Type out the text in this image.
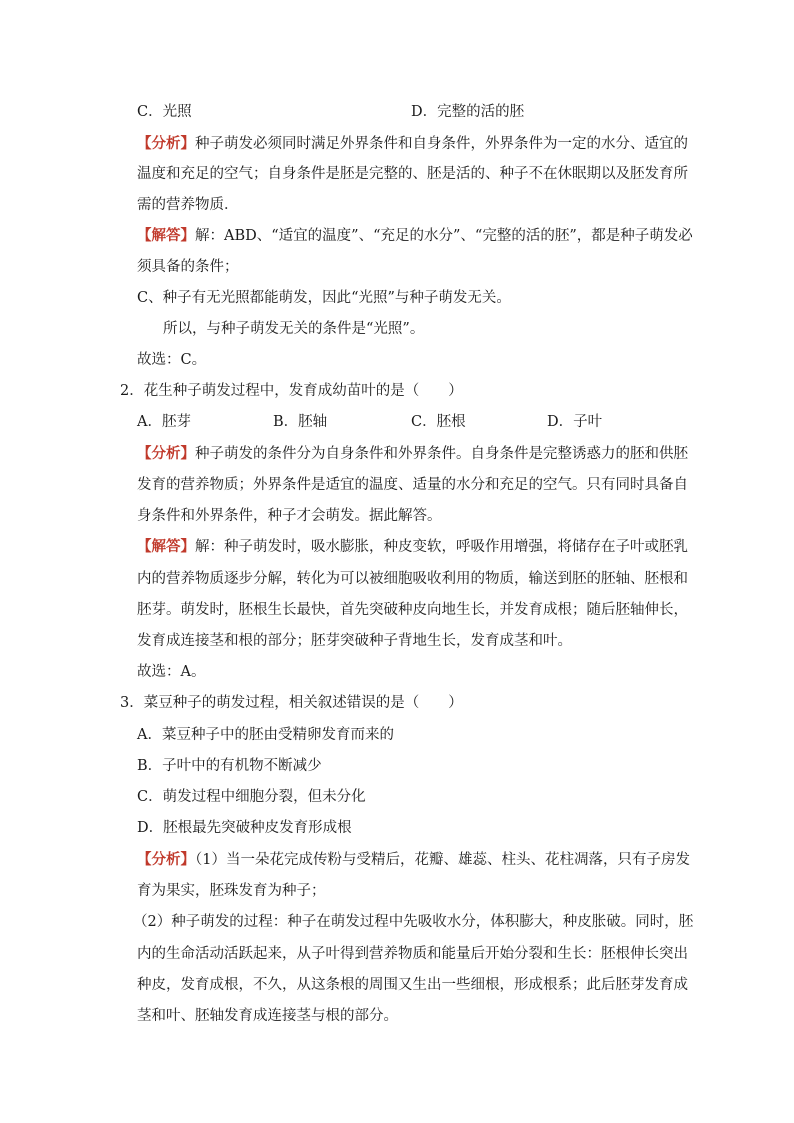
C．光照	D．完整的活的胚
【分析】种子萌发必须同时满足外界条件和自身条件，外界条件为一定的水分、适宜的
温度和充足的空气；自身条件是胚是完整的、胚是活的、种子不在休眠期以及胚发育所
需的营养物质．
【解答】解：ABD、“适宜的温度”、“充足的水分”、“完整的活的胚”，都是种子萌发必
须具备的条件；
C、种子有无光照都能萌发，因此“光照”与种子萌发无关。
所以，与种子萌发无关的条件是“光照”。
故选：C。
2．花生种子萌发过程中，发育成幼苗叶的是（　　）
A．胚芽	B．胚轴	C．胚根	D．子叶
【分析】种子萌发的条件分为自身条件和外界条件。自身条件是完整诱惑力的胚和供胚
发育的营养物质；外界条件是适宜的温度、适量的水分和充足的空气。只有同时具备自
身条件和外界条件，种子才会萌发。据此解答。
【解答】解：种子萌发时，吸水膨胀，种皮变软，呼吸作用增强，将储存在子叶或胚乳
内的营养物质逐步分解，转化为可以被细胞吸收利用的物质，输送到胚的胚轴、胚根和
胚芽。萌发时，胚根生长最快，首先突破种皮向地生长，并发育成根；随后胚轴伸长，
发育成连接茎和根的部分；胚芽突破种子背地生长，发育成茎和叶。
故选：A。
3．菜豆种子的萌发过程，相关叙述错误的是（　　）
A．菜豆种子中的胚由受精卵发育而来的
B．子叶中的有机物不断减少
C．萌发过程中细胞分裂，但未分化
D．胚根最先突破种皮发育形成根
【分析】（1）当一朵花完成传粉与受精后，花瓣、雄蕊、柱头、花柱凋落，只有子房发
育为果实，胚珠发育为种子；
（2）种子萌发的过程：种子在萌发过程中先吸收水分，体积膨大，种皮胀破。同时，胚
内的生命活动活跃起来，从子叶得到营养物质和能量后开始分裂和生长：胚根伸长突出
种皮，发育成根，不久，从这条根的周围又生出一些细根，形成根系；此后胚芽发育成
茎和叶、胚轴发育成连接茎与根的部分。
